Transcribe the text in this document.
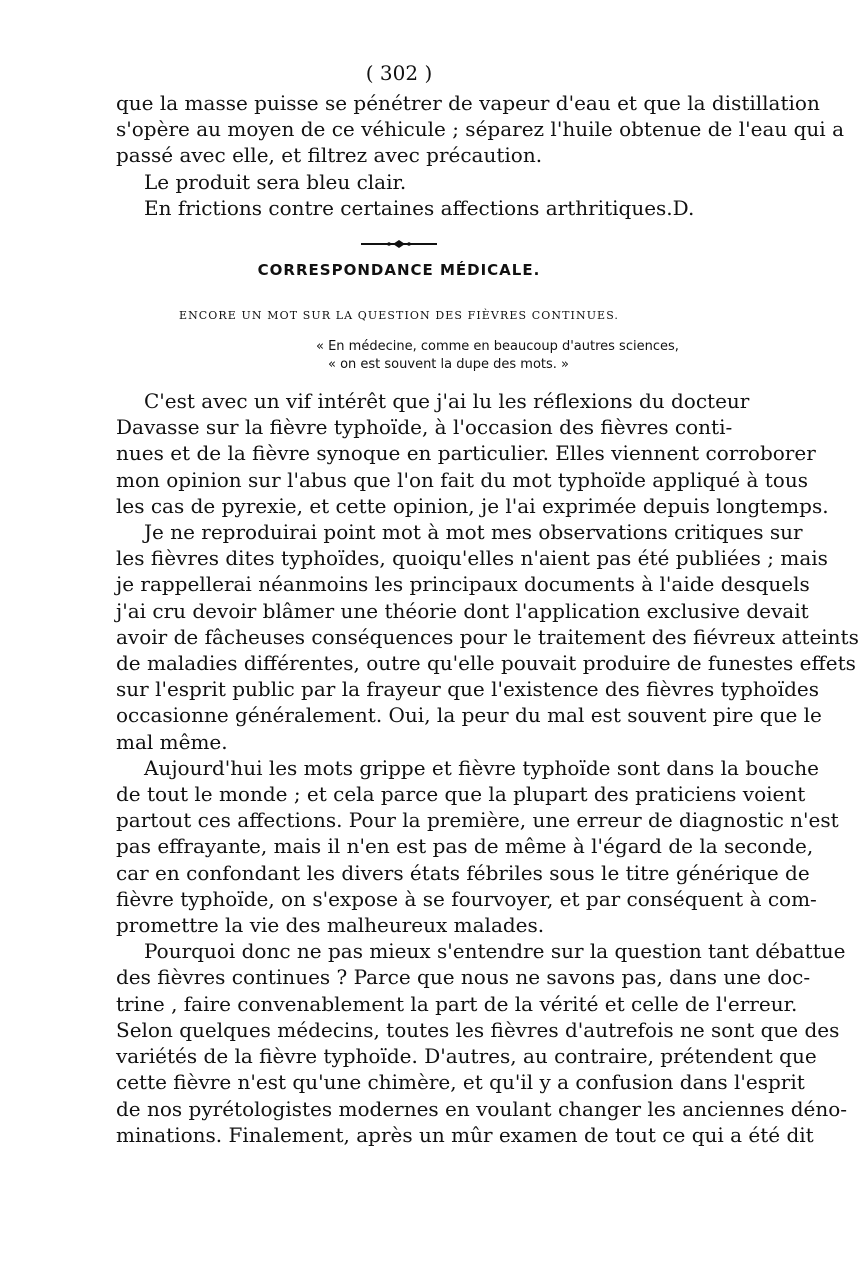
( 302 )
que la masse puisse se pénétrer de vapeur d'eau et que la distillation
s'opère au moyen de ce véhicule ; séparez l'huile obtenue de l'eau qui a
passé avec elle, et filtrez avec précaution.
Le produit sera bleu clair.
En frictions contre certaines affections arthritiques. D.
CORRESPONDANCE MÉDICALE.
ENCORE UN MOT SUR LA QUESTION DES FIÈVRES CONTINUES.
« En médecine, comme en beaucoup d'autres sciences,
« on est souvent la dupe des mots. »
C'est avec un vif intérêt que j'ai lu les réflexions du docteur
Davasse sur la fièvre typhoïde, à l'occasion des fièvres conti-
nues et de la fièvre synoque en particulier. Elles viennent corroborer
mon opinion sur l'abus que l'on fait du mot typhoïde appliqué à tous
les cas de pyrexie, et cette opinion, je l'ai exprimée depuis longtemps.
Je ne reproduirai point mot à mot mes observations critiques sur
les fièvres dites typhoïdes, quoiqu'elles n'aient pas été publiées ; mais
je rappellerai néanmoins les principaux documents à l'aide desquels
j'ai cru devoir blâmer une théorie dont l'application exclusive devait
avoir de fâcheuses conséquences pour le traitement des fiévreux atteints
de maladies différentes, outre qu'elle pouvait produire de funestes effets
sur l'esprit public par la frayeur que l'existence des fièvres typhoïdes
occasionne généralement. Oui, la peur du mal est souvent pire que le
mal même.
Aujourd'hui les mots grippe et fièvre typhoïde sont dans la bouche
de tout le monde ; et cela parce que la plupart des praticiens voient
partout ces affections. Pour la première, une erreur de diagnostic n'est
pas effrayante, mais il n'en est pas de même à l'égard de la seconde,
car en confondant les divers états fébriles sous le titre générique de
fièvre typhoïde, on s'expose à se fourvoyer, et par conséquent à com-
promettre la vie des malheureux malades.
Pourquoi donc ne pas mieux s'entendre sur la question tant débattue
des fièvres continues ? Parce que nous ne savons pas, dans une doc-
trine , faire convenablement la part de la vérité et celle de l'erreur.
Selon quelques médecins, toutes les fièvres d'autrefois ne sont que des
variétés de la fièvre typhoïde. D'autres, au contraire, prétendent que
cette fièvre n'est qu'une chimère, et qu'il y a confusion dans l'esprit
de nos pyrétologistes modernes en voulant changer les anciennes déno-
minations. Finalement, après un mûr examen de tout ce qui a été dit
